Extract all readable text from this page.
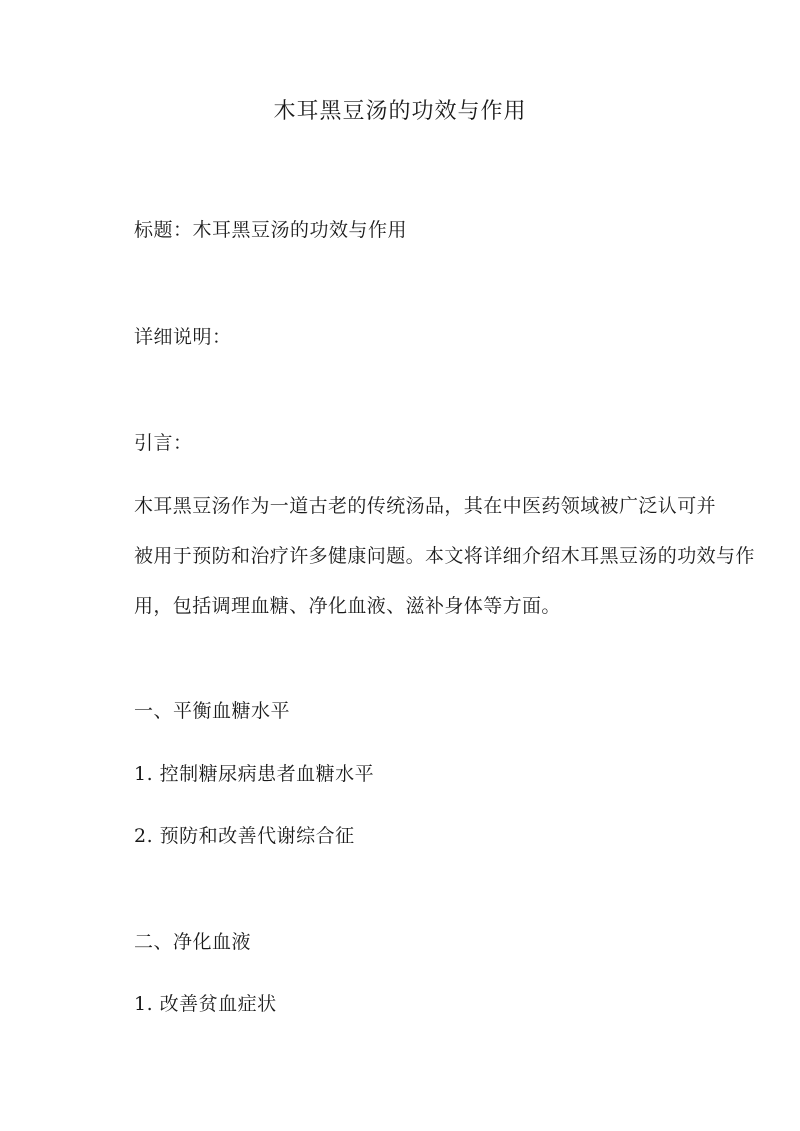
木耳黑豆汤的功效与作用
标题：木耳黑豆汤的功效与作用
详细说明：
引言：
木耳黑豆汤作为一道古老的传统汤品，其在中医药领域被广泛认可并
被用于预防和治疗许多健康问题。本文将详细介绍木耳黑豆汤的功效与作
用，包括调理血糖、净化血液、滋补身体等方面。
一、平衡血糖水平
1. 控制糖尿病患者血糖水平
2. 预防和改善代谢综合征
二、净化血液
1. 改善贫血症状
